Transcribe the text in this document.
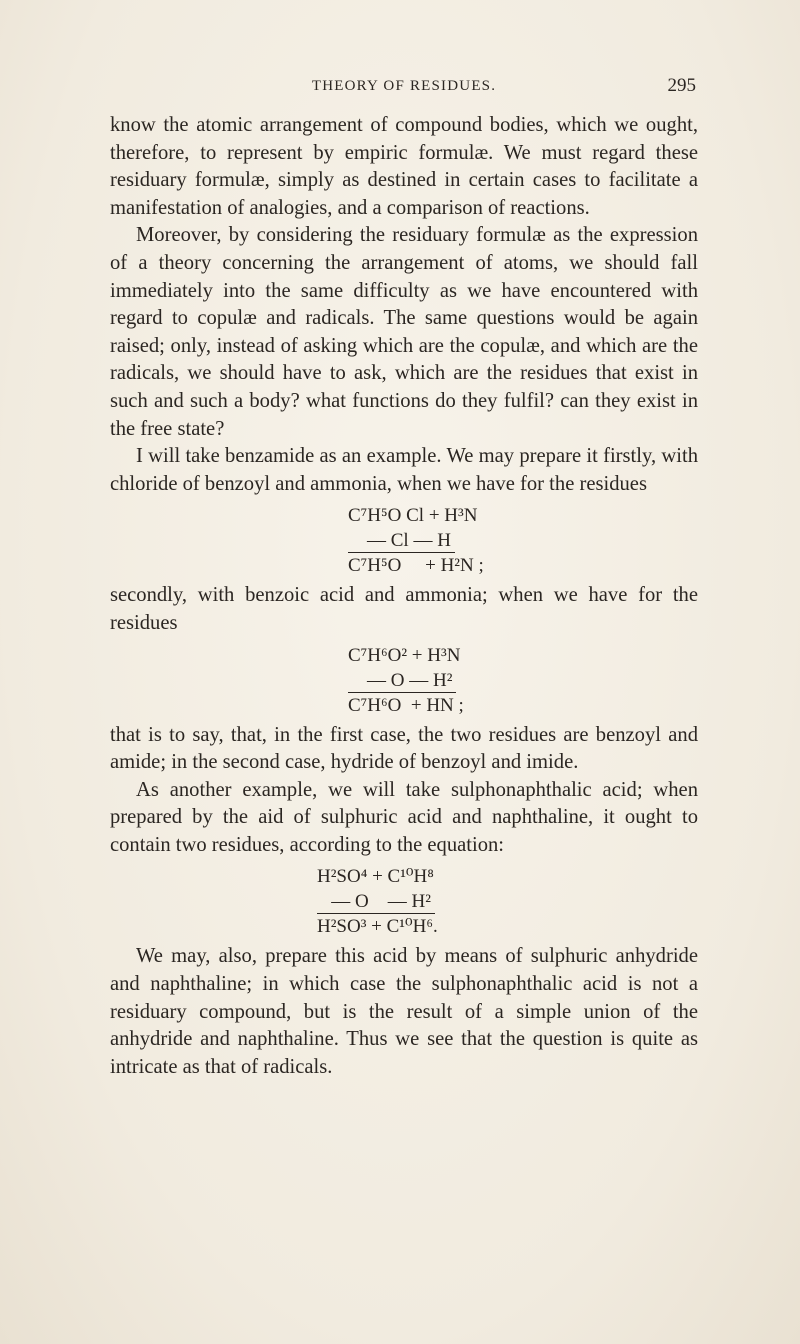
THEORY OF RESIDUES.	295

know the atomic arrangement of compound bodies, which we ought, therefore, to represent by empiric formulæ. We must regard these residuary formulæ, simply as destined in certain cases to facilitate a manifestation of analogies, and a comparison of reactions.

Moreover, by considering the residuary formulæ as the expression of a theory concerning the arrangement of atoms, we should fall immediately into the same difficulty as we have encountered with regard to copulæ and radicals. The same questions would be again raised; only, instead of asking which are the copulæ, and which are the radicals, we should have to ask, which are the residues that exist in such and such a body? what functions do they fulfil? can they exist in the free state?

I will take benzamide as an example. We may prepare it firstly, with chloride of benzoyl and ammonia, when we have for the residues

C⁷H⁵O Cl + H³N
— Cl — H
C⁷H⁵O     + H²N ;

secondly, with benzoic acid and ammonia; when we have for the residues

C⁷H⁶O² + H³N
— O — H²
C⁷H⁶O  + HN ;

that is to say, that, in the first case, the two residues are benzoyl and amide; in the second case, hydride of benzoyl and imide.

As another example, we will take sulphonaphthalic acid; when prepared by the aid of sulphuric acid and naphthaline, it ought to contain two residues, according to the equation:

H²SO⁴ + C¹⁰H⁸
— O    — H²
H²SO³ + C¹⁰H⁶.

We may, also, prepare this acid by means of sulphuric anhydride and naphthaline; in which case the sulphonaphthalic acid is not a residuary compound, but is the result of a simple union of the anhydride and naphthaline. Thus we see that the question is quite as intricate as that of radicals.
